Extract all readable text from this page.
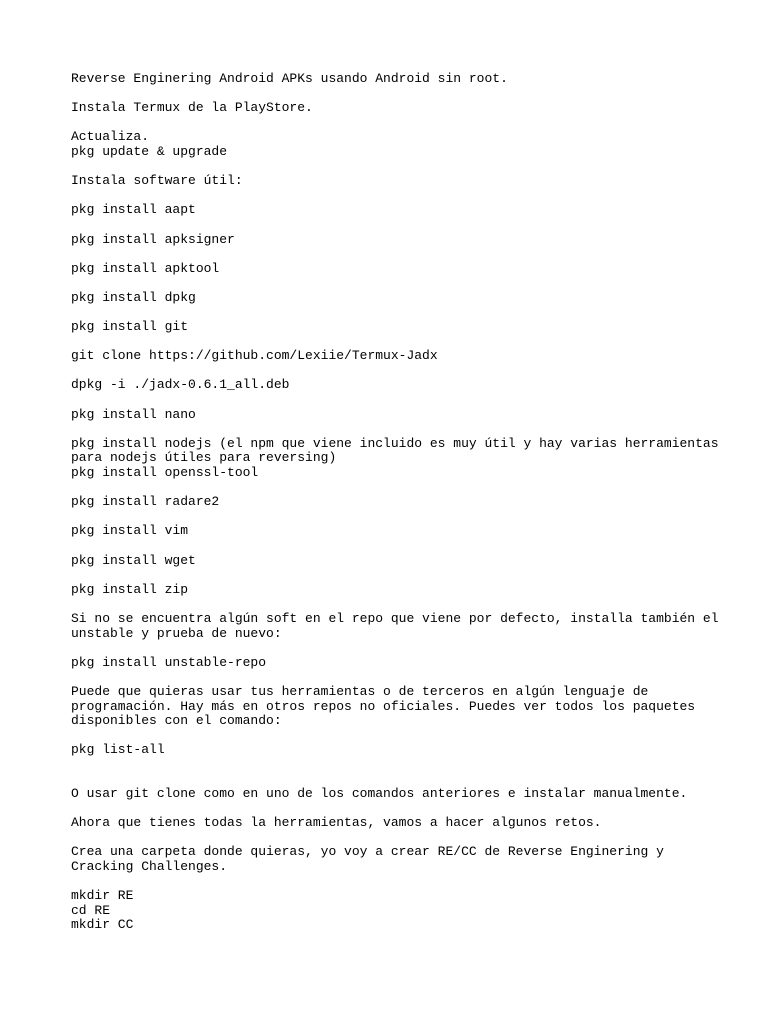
Reverse Enginering Android APKs usando Android sin root.
Instala Termux de la PlayStore.
Actualiza.
pkg update & upgrade
Instala software útil:
pkg install aapt
pkg install apksigner
pkg install apktool
pkg install dpkg
pkg install git
git clone https://github.com/Lexiie/Termux-Jadx
dpkg -i ./jadx-0.6.1_all.deb
pkg install nano
pkg install nodejs (el npm que viene incluido es muy útil y hay varias herramientas
para nodejs útiles para reversing)
pkg install openssl-tool
pkg install radare2
pkg install vim
pkg install wget
pkg install zip
Si no se encuentra algún soft en el repo que viene por defecto, installa también el
unstable y prueba de nuevo:
pkg install unstable-repo
Puede que quieras usar tus herramientas o de terceros en algún lenguaje de
programación. Hay más en otros repos no oficiales. Puedes ver todos los paquetes
disponibles con el comando:
pkg list-all
O usar git clone como en uno de los comandos anteriores e instalar manualmente.
Ahora que tienes todas la herramientas, vamos a hacer algunos retos.
Crea una carpeta donde quieras, yo voy a crear RE/CC de Reverse Enginering y
Cracking Challenges.
mkdir RE
cd RE
mkdir CC
